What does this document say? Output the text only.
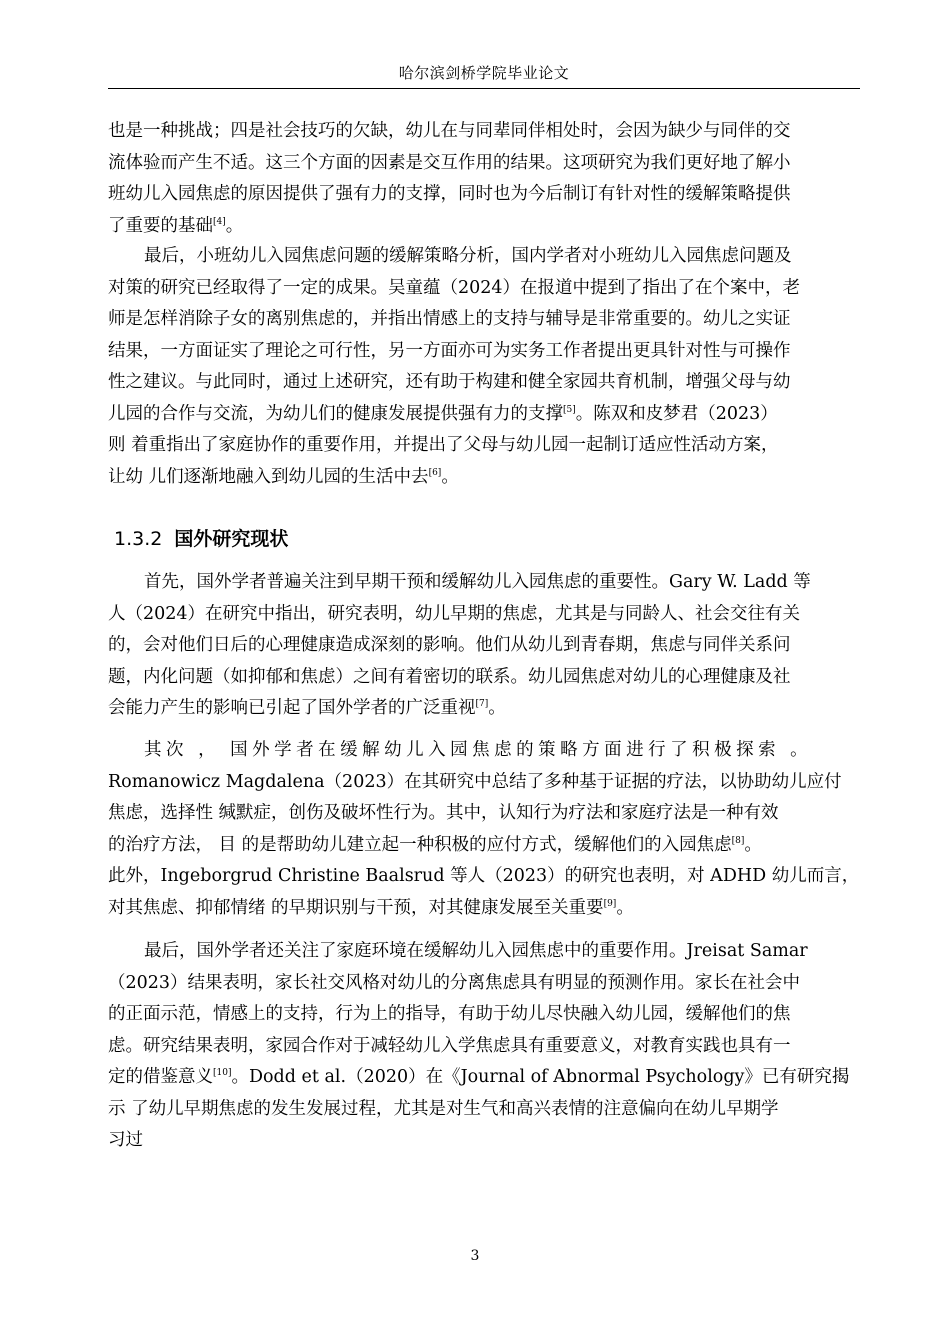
哈尔滨剑桥学院毕业论文
也是一种挑战；四是社会技巧的欠缺，幼儿在与同辈同伴相处时，会因为缺少与同伴的交
流体验而产生不适。这三个方面的因素是交互作用的结果。这项研究为我们更好地了解小
班幼儿入园焦虑的原因提供了强有力的支撑，同时也为今后制订有针对性的缓解策略提供
了重要的基础[4]。
最后，小班幼儿入园焦虑问题的缓解策略分析，国内学者对小班幼儿入园焦虑问题及
对策的研究已经取得了一定的成果。吴童蕴（2024）在报道中提到了指出了在个案中，老
师是怎样消除子女的离别焦虑的，并指出情感上的支持与辅导是非常重要的。幼儿之实证
结果，一方面证实了理论之可行性，另一方面亦可为实务工作者提出更具针对性与可操作
性之建议。与此同时，通过上述研究，还有助于构建和健全家园共育机制，增强父母与幼
儿园的合作与交流，为幼儿们的健康发展提供强有力的支撑[5]。陈双和皮梦君（2023）
则 着重指出了家庭协作的重要作用，并提出了父母与幼儿园一起制订适应性活动方案，
让幼 儿们逐渐地融入到幼儿园的生活中去[6]。
1.3.2 国外研究现状
首先，国外学者普遍关注到早期干预和缓解幼儿入园焦虑的重要性。Gary W. Ladd 等
人（2024）在研究中指出，研究表明，幼儿早期的焦虑，尤其是与同龄人、社会交往有关
的，会对他们日后的心理健康造成深刻的影响。他们从幼儿到青春期，焦虑与同伴关系问
题，内化问题（如抑郁和焦虑）之间有着密切的联系。幼儿园焦虑对幼儿的心理健康及社
会能力产生的影响已引起了国外学者的广泛重视[7]。
其次 ， 国外学者在缓解幼儿入园焦虑的策略方面进行了积极探索 。
Romanowicz Magdalena（2023）在其研究中总结了多种基于证据的疗法，以协助幼儿应付
焦虑，选择性 缄默症，创伤及破坏性行为。其中，认知行为疗法和家庭疗法是一种有效
的治疗方法， 目 的是帮助幼儿建立起一种积极的应付方式，缓解他们的入园焦虑[8]。
此外，Ingeborgrud Christine Baalsrud 等人（2023）的研究也表明，对 ADHD 幼儿而言，
对其焦虑、抑郁情绪 的早期识别与干预，对其健康发展至关重要[9]。
最后，国外学者还关注了家庭环境在缓解幼儿入园焦虑中的重要作用。Jreisat Samar
（2023）结果表明，家长社交风格对幼儿的分离焦虑具有明显的预测作用。家长在社会中
的正面示范，情感上的支持，行为上的指导，有助于幼儿尽快融入幼儿园，缓解他们的焦
虑。研究结果表明，家园合作对于减轻幼儿入学焦虑具有重要意义，对教育实践也具有一
定的借鉴意义[10]。Dodd et al.（2020）在《Journal of Abnormal Psychology》已有研究揭
示 了幼儿早期焦虑的发生发展过程，尤其是对生气和高兴表情的注意偏向在幼儿早期学
习过
3
